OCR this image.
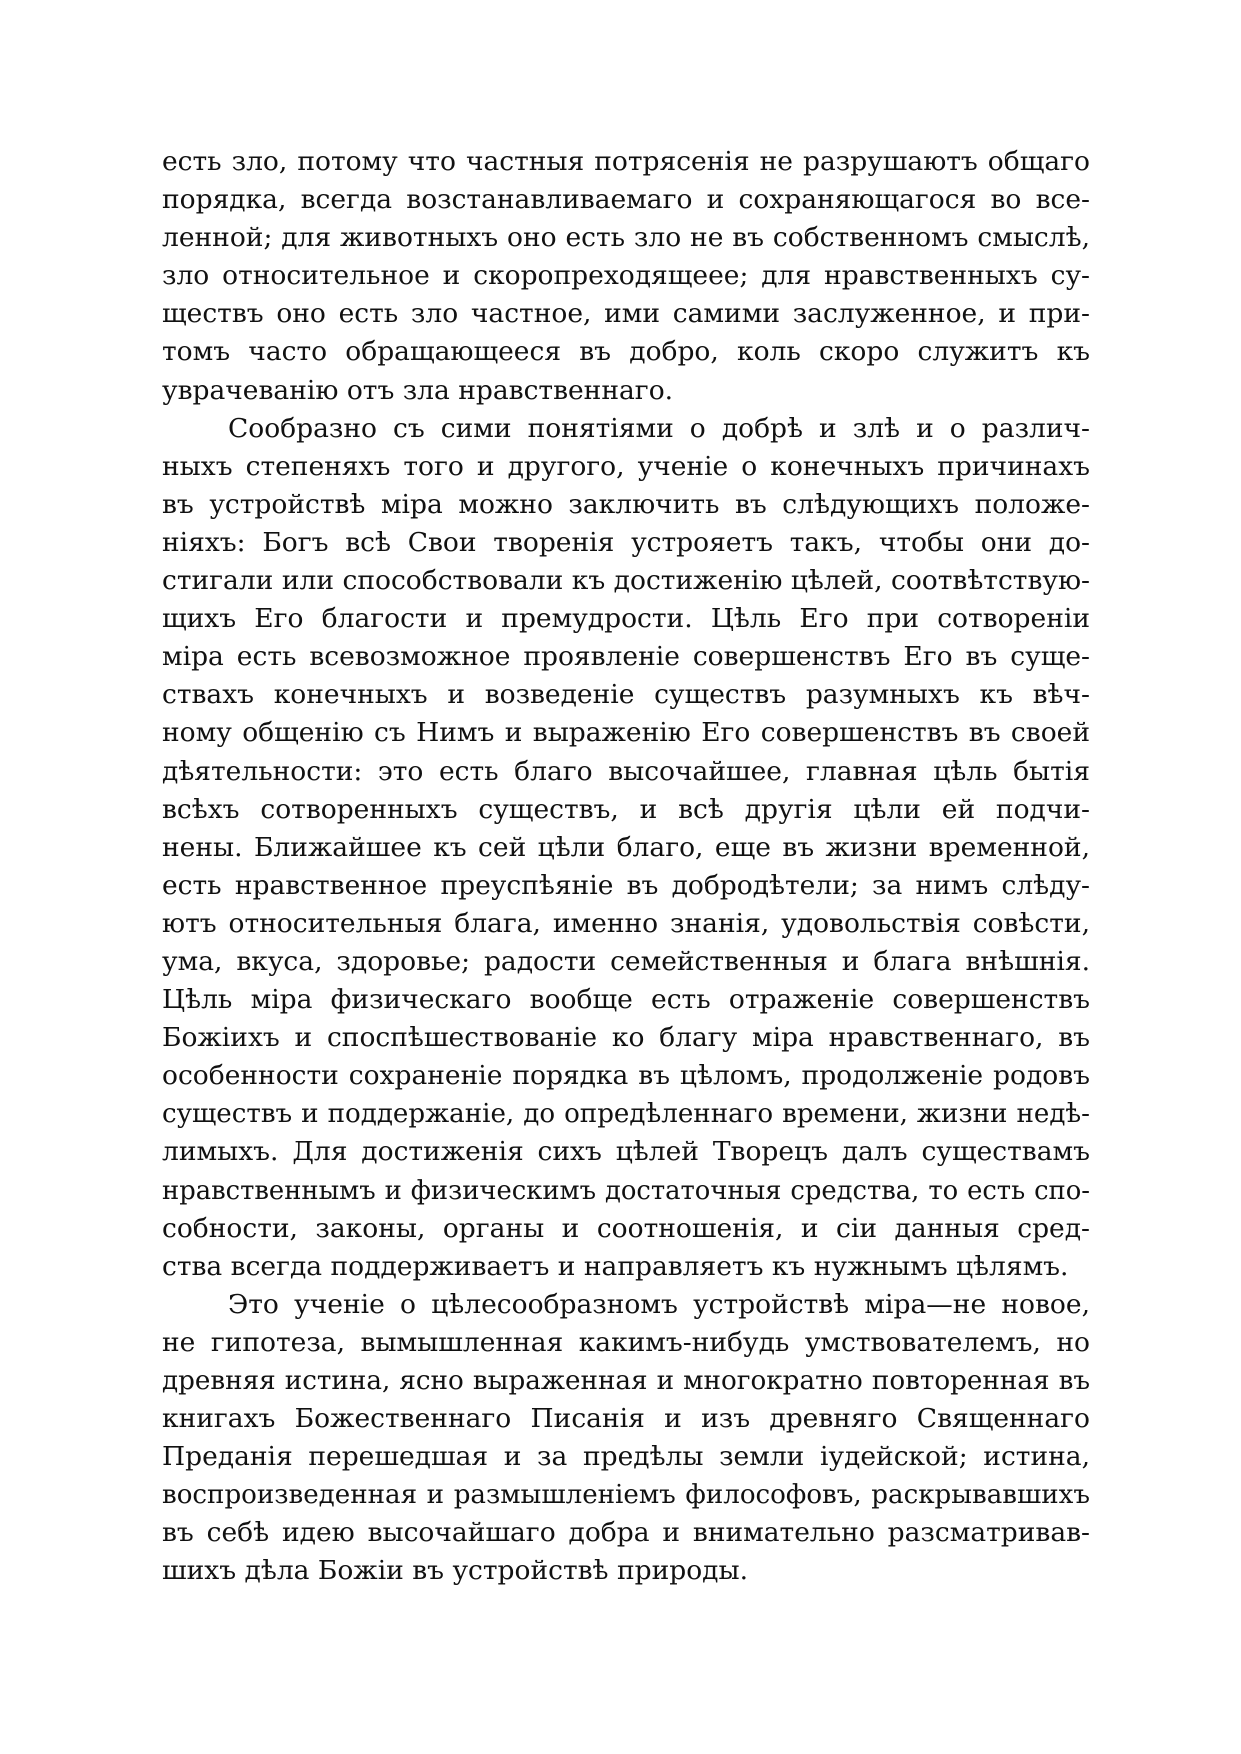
есть зло, потому что частныя потрясенія не разрушаютъ общаго
порядка, всегда возстанавливаемаго и сохраняющагося во все-
ленной; для животныхъ оно есть зло не въ собственномъ смыслѣ,
зло относительное и скоропреходящеее; для нравственныхъ су-
ществъ оно есть зло частное, ими самими заслуженное, и при-
томъ часто обращающееся въ добро, коль скоро служитъ къ
уврачеванію отъ зла нравственнаго.
Сообразно съ сими понятіями о добрѣ и злѣ и о различ-
ныхъ степеняхъ того и другого, ученіе о конечныхъ причинахъ
въ устройствѣ міра можно заключить въ слѣдующихъ положе-
ніяхъ: Богъ всѣ Свои творенія устрояетъ такъ, чтобы они до-
стигали или способствовали къ достиженію цѣлей, соотвѣтствую-
щихъ Его благости и премудрости. Цѣль Его при сотвореніи
міра есть всевозможное проявленіе совершенствъ Его въ суще-
ствахъ конечныхъ и возведеніе существъ разумныхъ къ вѣч-
ному общенію съ Нимъ и выраженію Его совершенствъ въ своей
дѣятельности: это есть благо высочайшее, главная цѣль бытія
всѣхъ сотворенныхъ существъ, и всѣ другія цѣли ей подчи-
нены. Ближайшее къ сей цѣли благо, еще въ жизни временной,
есть нравственное преуспѣяніе въ добродѣтели; за нимъ слѣду-
ютъ относительныя блага, именно знанія, удовольствія совѣсти,
ума, вкуса, здоровье; радости семейственныя и блага внѣшнія.
Цѣль міра физическаго вообще есть отраженіе совершенствъ
Божіихъ и споспѣшествованіе ко благу міра нравственнаго, въ
особенности сохраненіе порядка въ цѣломъ, продолженіе родовъ
существъ и поддержаніе, до опредѣленнаго времени, жизни недѣ-
лимыхъ. Для достиженія сихъ цѣлей Творецъ далъ существамъ
нравственнымъ и физическимъ достаточныя средства, то есть спо-
собности, законы, органы и соотношенія, и сіи данныя сред-
ства всегда поддерживаетъ и направляетъ къ нужнымъ цѣлямъ.
Это ученіе о цѣлесообразномъ устройствѣ міра—не новое,
не гипотеза, вымышленная какимъ-нибудь умствователемъ, но
древняя истина, ясно выраженная и многократно повторенная въ
книгахъ Божественнаго Писанія и изъ древняго Священнаго
Преданія перешедшая и за предѣлы земли іудейской; истина,
воспроизведенная и размышленіемъ философовъ, раскрывавшихъ
въ себѣ идею высочайшаго добра и внимательно разсматривав-
шихъ дѣла Божіи въ устройствѣ природы.
